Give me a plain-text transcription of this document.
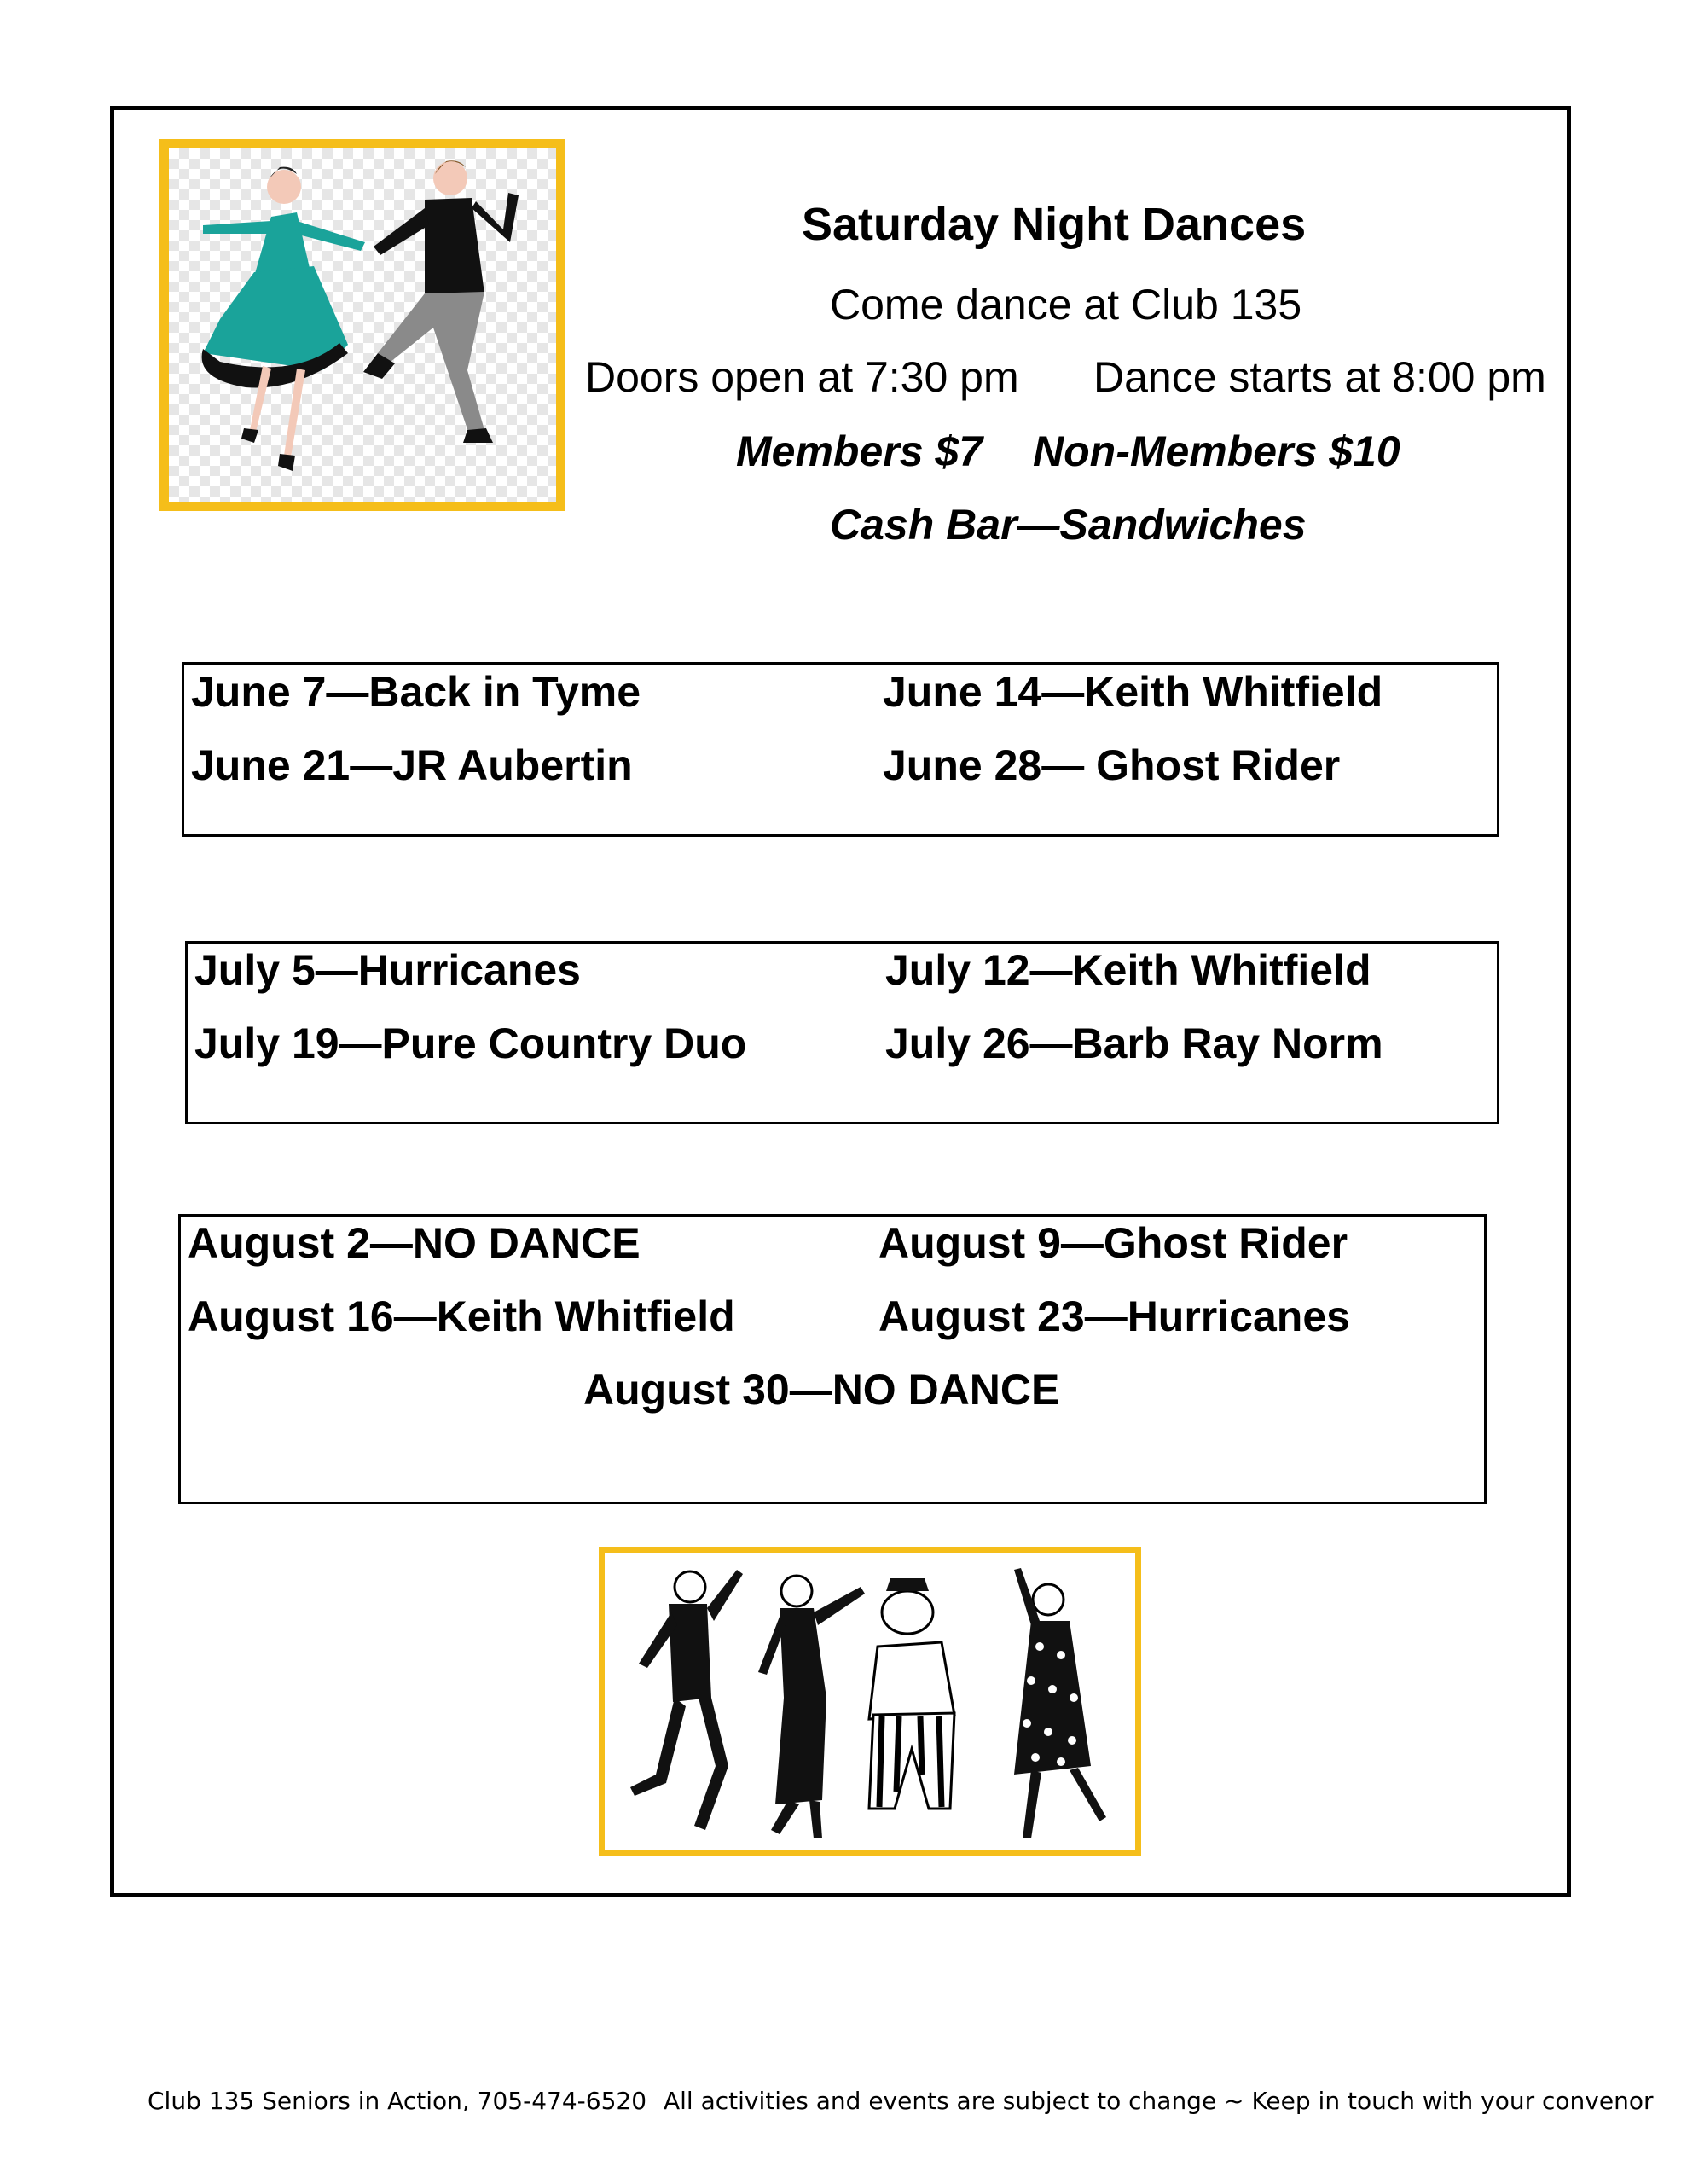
Saturday Night Dances
Come dance at Club 135
Doors open at 7:30 pm Dance starts at 8:00 pm
Members $7 Non-Members $10
Cash Bar—Sandwiches
June 7—Back in Tyme	June 14—Keith Whitfield
June 21—JR Aubertin	June 28— Ghost Rider
July 5—Hurricanes	July 12—Keith Whitfield
July 19—Pure Country Duo	July 26—Barb Ray Norm
August 2—NO DANCE	August 9—Ghost Rider
August 16—Keith Whitfield	August 23—Hurricanes
August 30—NO DANCE
Club 135 Seniors in Action, 705-474-6520 All activities and events are subject to change ~ Keep in touch with your convenor
